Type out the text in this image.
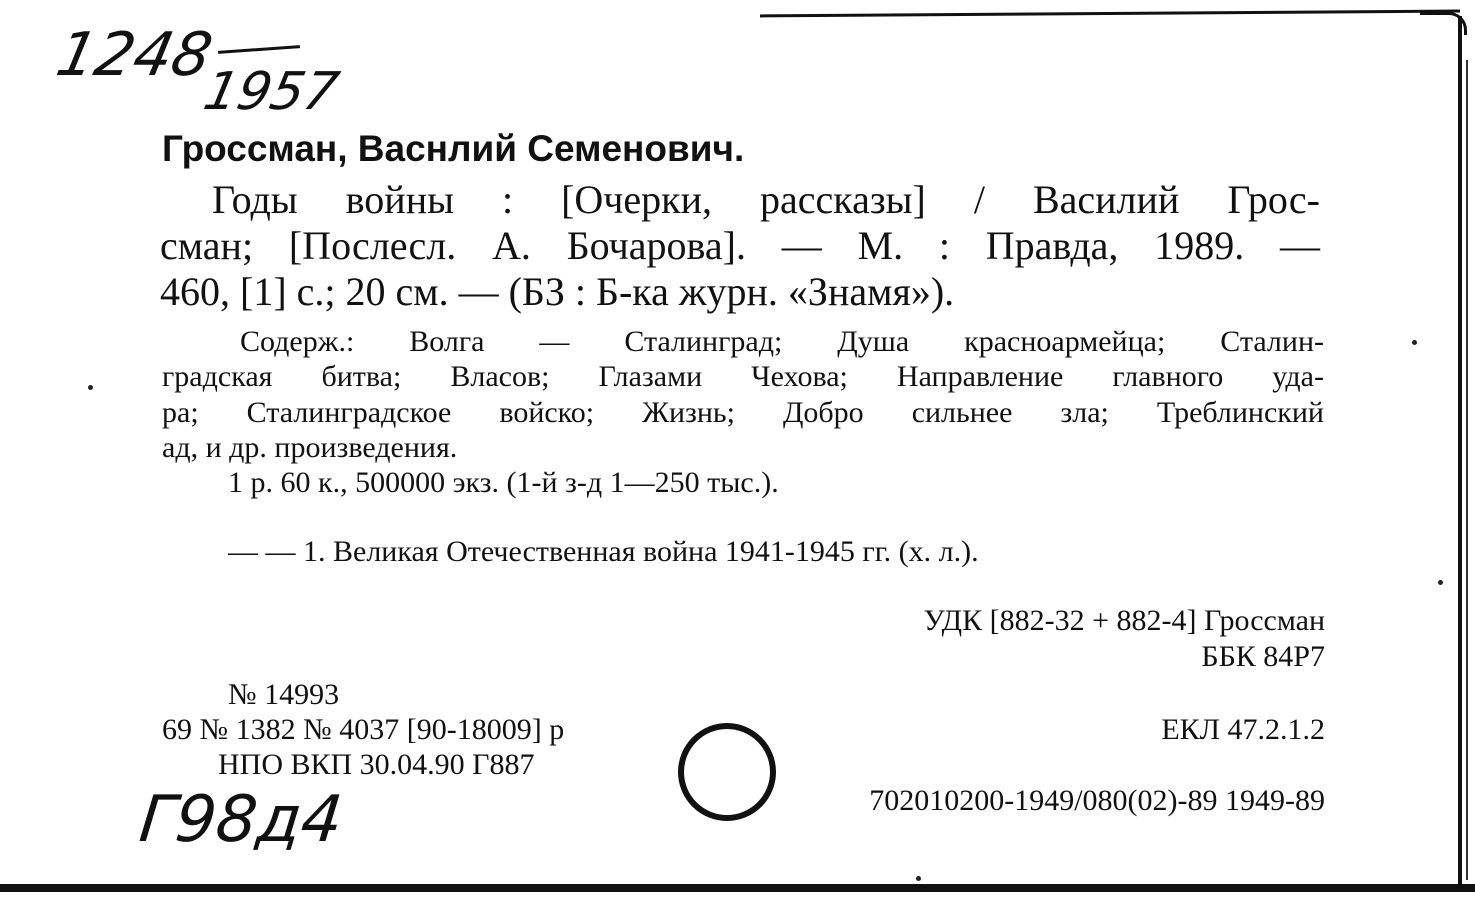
1248
1957
Гроссман, Васнлий Семенович.
Годы войны : [Очерки, рассказы] / Василий Грос-
сман; [Послесл. А. Бочарова]. — М. : Правда, 1989. —
460, [1] с.; 20 см. — (БЗ : Б-ка журн. «Знамя»).
Содерж.: Волга — Сталинград; Душа красноармейца; Сталин-
градская битва; Власов; Глазами Чехова; Направление главного уда-
ра; Сталинградское войско; Жизнь; Добро сильнее зла; Треблинский
ад, и др. произведения.
1 р. 60 к., 500000 экз. (1-й з-д 1—250 тыс.).
— — 1. Великая Отечественная война 1941-1945 гг. (х. л.).
УДК [882-32 + 882-4] Гроссман
ББК 84Р7
№ 14993
69 № 1382 № 4037 [90-18009] р	ЕКЛ 47.2.1.2
НПО ВКП 30.04.90 Г887
702010200-1949/080(02)-89 1949-89
Г98д4
